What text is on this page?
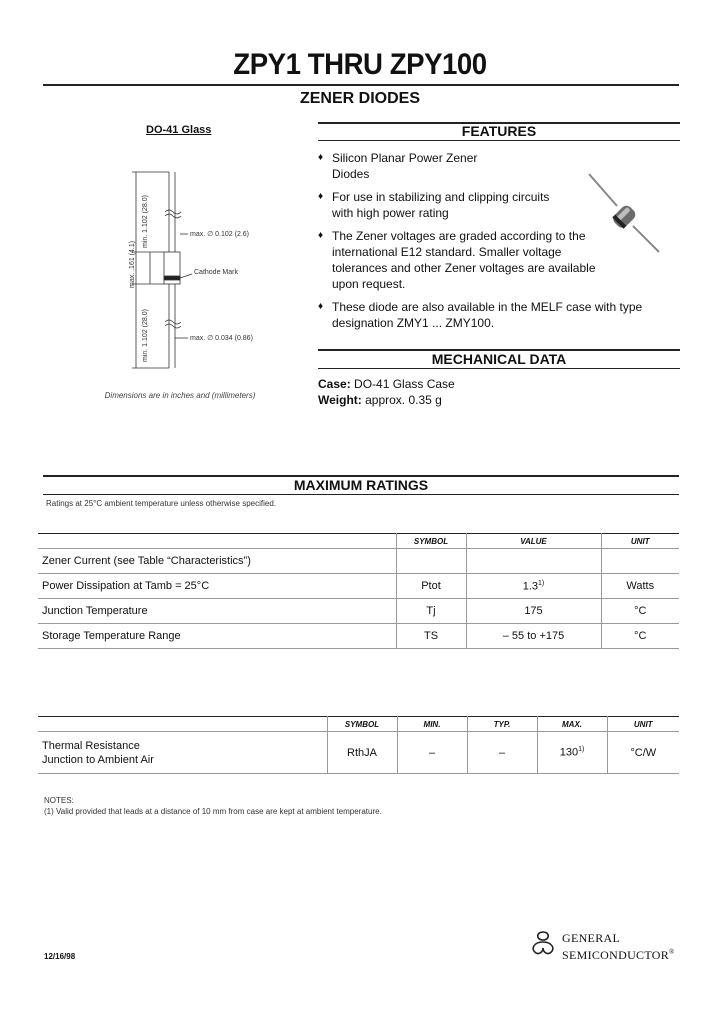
ZPY1 THRU ZPY100
ZENER DIODES
DO-41 Glass
min. 1.102 (28.0)
max. .161 (4.1)
max. ∅ 0.102 (2.6)
Cathode Mark
min. 1.102 (28.0)	max. ∅ 0.034 (0.86)
Dimensions are in inches and (millimeters)
FEATURES
♦ Silicon Planar Power Zener Diodes
♦ For use in stabilizing and clipping circuits with high power rating
♦ The Zener voltages are graded according to the international E12 standard. Smaller voltage tolerances and other Zener voltages are available upon request.
♦ These diode are also available in the MELF case with type designation ZMY1 ... ZMY100.
MECHANICAL DATA
Case: DO-41 Glass Case
Weight: approx. 0.35 g
MAXIMUM RATINGS
Ratings at 25°C ambient temperature unless otherwise specified.
	SYMBOL	VALUE	UNIT
Zener Current (see Table “Characteristics”)			
Power Dissipation at Tamb = 25°C	Ptot	1.3$^{1)}$	Watts
Junction Temperature	Tj	175	°C
Storage Temperature Range	TS	– 55 to +175	°C
	SYMBOL	MIN.	TYP.	MAX.	UNIT

Thermal Resistance
Junction to Ambient Air	RthJA	–	–	130$^{1)}$	°C/W
NOTES:
(1) Valid provided that leads at a distance of 10 mm from case are kept at ambient temperature.
12/16/98
GENERAL
SEMICONDUCTOR®
